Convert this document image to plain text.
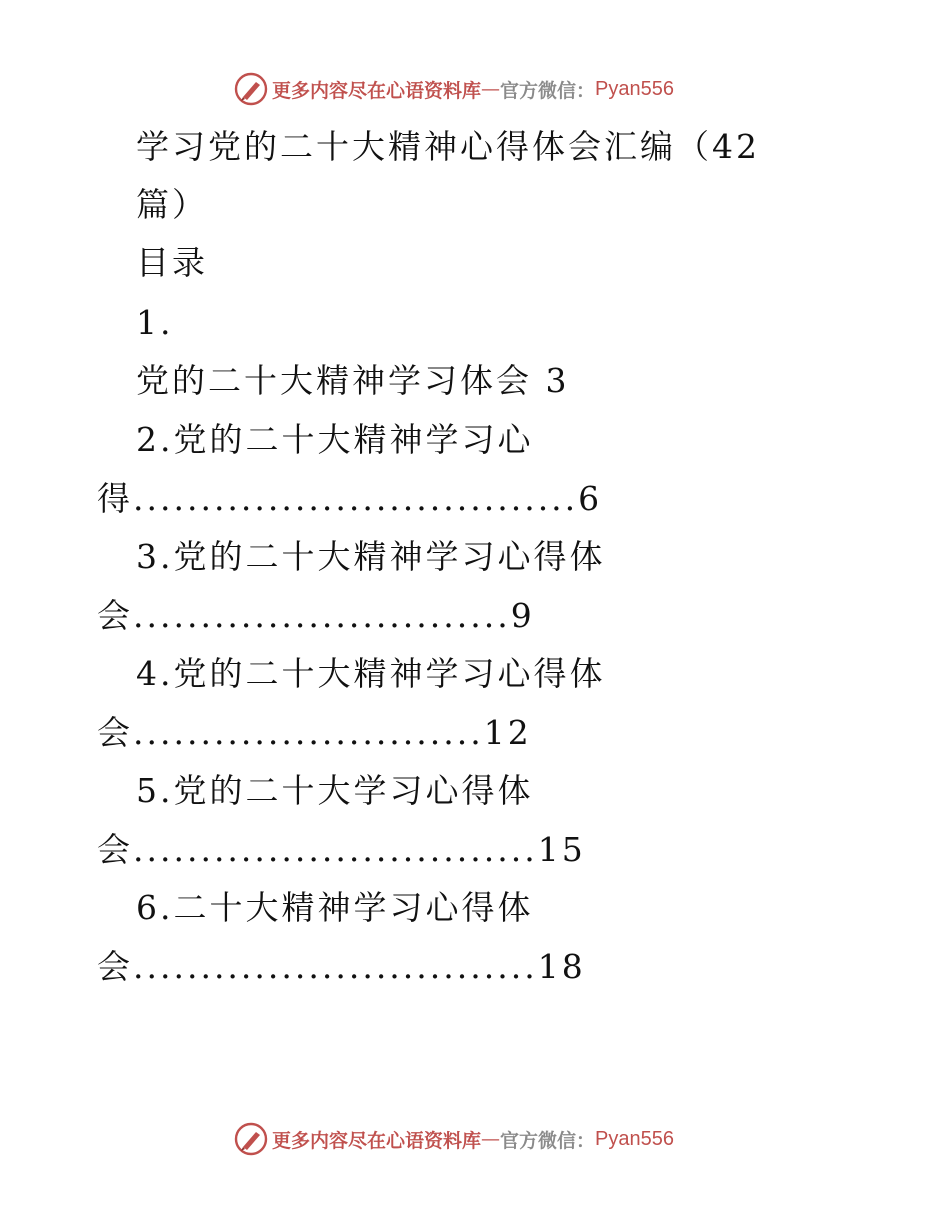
更多内容尽在心语资料库 — 官方微信： Pyan556
学习党的二十大精神心得体会汇编（42
篇）
目录
1.
党的二十大精神学习体会 3
2.党的二十大精神学习心
得.................................6
3.党的二十大精神学习心得体
会............................9
4.党的二十大精神学习心得体
会..........................12
5.党的二十大学习心得体
会..............................15
6.二十大精神学习心得体
会..............................18
更多内容尽在心语资料库 — 官方微信： Pyan556
